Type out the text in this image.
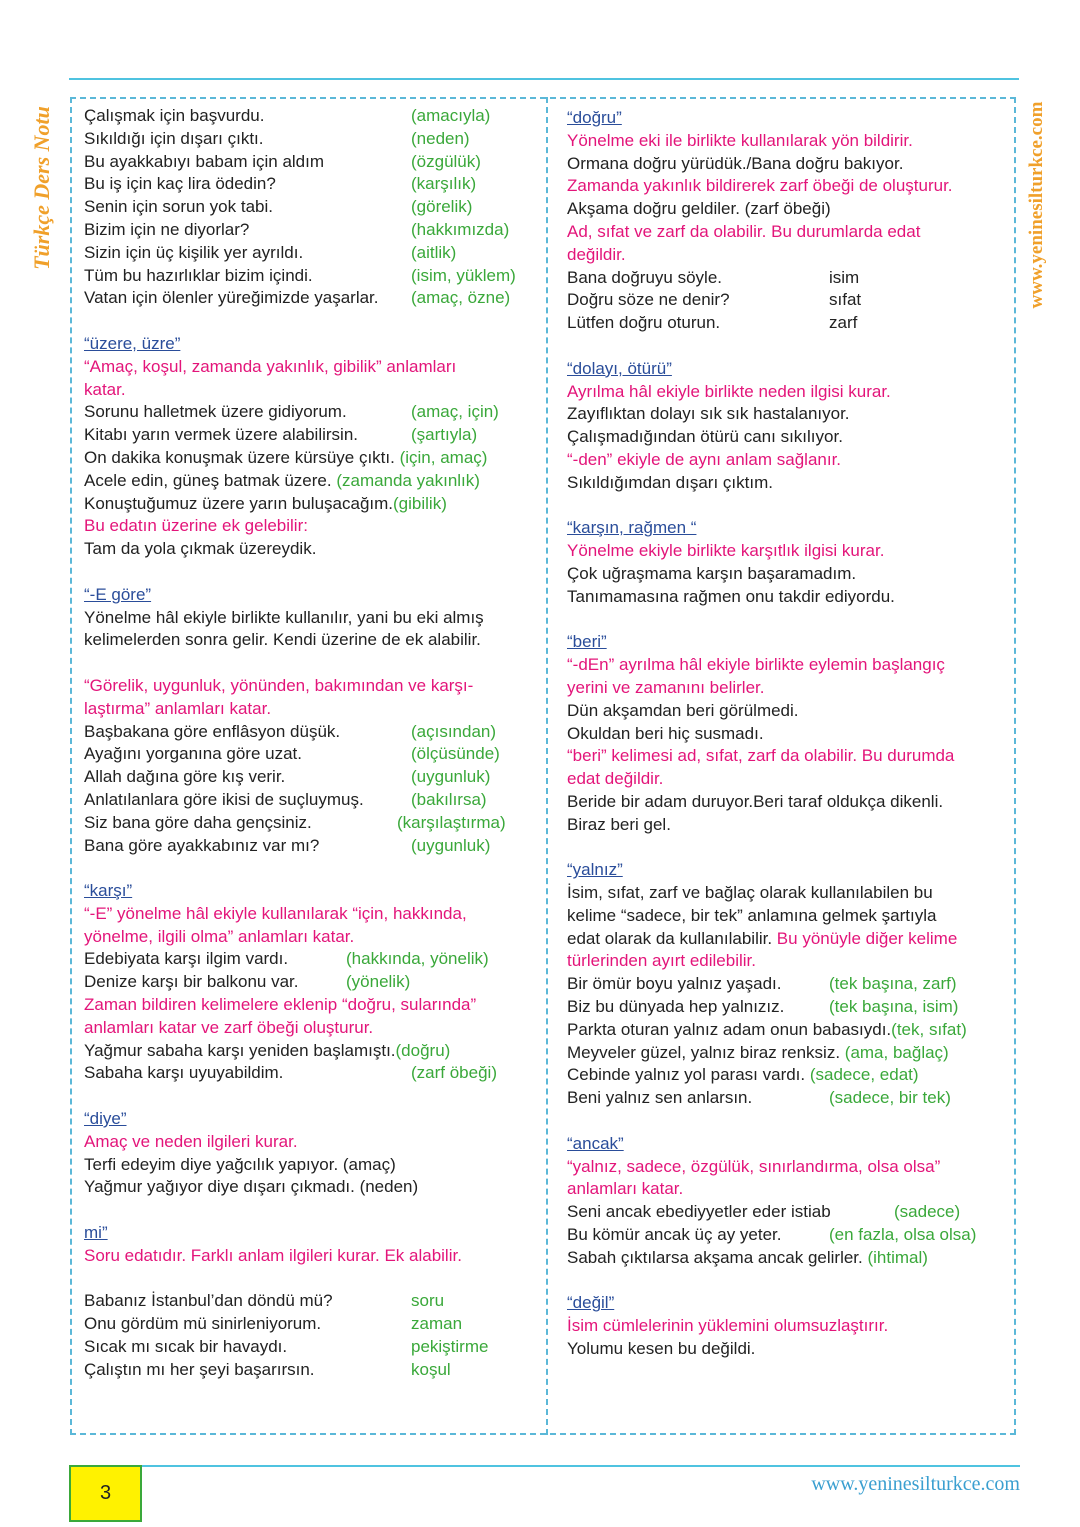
Türkçe Ders Notu	www.yeninesilturkce.com
Çalışmak için başvurdu.	(amacıyla)
Sıkıldığı için dışarı çıktı.	(neden)
Bu ayakkabıyı babam için aldım	(özgülük)
Bu iş için kaç lira ödedin?	(karşılık)
Senin için sorun yok tabi.	(görelik)
Bizim için ne diyorlar?	(hakkımızda)
Sizin için üç kişilik yer ayrıldı.	(aitlik)
Tüm bu hazırlıklar bizim içindi.	(isim, yüklem)
Vatan için ölenler yüreğimizde yaşarlar. (amaç, özne)
“üzere, üzre”
“Amaç, koşul, zamanda yakınlık, gibilik” anlamları
katar.
Sorunu halletmek üzere gidiyorum.	(amaç, için)
Kitabı yarın vermek üzere alabilirsin.	(şartıyla)
On dakika konuşmak üzere kürsüye çıktı. (için, amaç)
Acele edin, güneş batmak üzere. (zamanda yakınlık)
Konuştuğumuz üzere yarın buluşacağım.(gibilik)
Bu edatın üzerine ek gelebilir:
Tam da yola çıkmak üzereydik.
“-E göre”
Yönelme hâl ekiyle birlikte kullanılır, yani bu eki almış
kelimelerden sonra gelir. Kendi üzerine de ek alabilir.
“Görelik, uygunluk, yönünden, bakımından ve karşı-
laştırma” anlamları katar.
Başbakana göre enflâsyon düşük.	(açısından)
Ayağını yorganına göre uzat.	(ölçüsünde)
Allah dağına göre kış verir.	(uygunluk)
Anlatılanlara göre ikisi de suçluymuş.	(bakılırsa)
Siz bana göre daha gençsiniz.	(karşılaştırma)
Bana göre ayakkabınız var mı?	(uygunluk)
“karşı”
“-E” yönelme hâl ekiyle kullanılarak “için, hakkında,
yönelme, ilgili olma” anlamları katar.
Edebiyata karşı ilgim vardı.	(hakkında, yönelik)
Denize karşı bir balkonu var.	(yönelik)
Zaman bildiren kelimelere eklenip “doğru, sularında”
anlamları katar ve zarf öbeği oluşturur.
Yağmur sabaha karşı yeniden başlamıştı.(doğru)
Sabaha karşı uyuyabildim.	(zarf öbeği)
“diye”
Amaç ve neden ilgileri kurar.
Terfi edeyim diye yağcılık yapıyor. (amaç)
Yağmur yağıyor diye dışarı çıkmadı. (neden)
mi”
Soru edatıdır. Farklı anlam ilgileri kurar. Ek alabilir.
Babanız İstanbul’dan döndü mü?	soru
Onu gördüm mü sinirleniyorum.	zaman
Sıcak mı sıcak bir havaydı.	pekiştirme
Çalıştın mı her şeyi başarırsın.	koşul
“doğru”
Yönelme eki ile birlikte kullanılarak yön bildirir.
Ormana doğru yürüdük./Bana doğru bakıyor.
Zamanda yakınlık bildirerek zarf öbeği de oluşturur.
Akşama doğru geldiler. (zarf öbeği)
Ad, sıfat ve zarf da olabilir. Bu durumlarda edat
değildir.
Bana doğruyu söyle.	isim
Doğru söze ne denir?	sıfat
Lütfen doğru oturun.	zarf
“dolayı, ötürü”
Ayrılma hâl ekiyle birlikte neden ilgisi kurar.
Zayıflıktan dolayı sık sık hastalanıyor.
Çalışmadığından ötürü canı sıkılıyor.
“-den” ekiyle de aynı anlam sağlanır.
Sıkıldığımdan dışarı çıktım.
“karşın, rağmen “
Yönelme ekiyle birlikte karşıtlık ilgisi kurar.
Çok uğraşmama karşın başaramadım.
Tanımamasına rağmen onu takdir ediyordu.
“beri”
“-dEn” ayrılma hâl ekiyle birlikte eylemin başlangıç
yerini ve zamanını belirler.
Dün akşamdan beri görülmedi.
Okuldan beri hiç susmadı.
“beri” kelimesi ad, sıfat, zarf da olabilir. Bu durumda
edat değildir.
Beride bir adam duruyor.Beri taraf oldukça dikenli.
Biraz beri gel.
“yalnız”
İsim, sıfat, zarf ve bağlaç olarak kullanılabilen bu
kelime “sadece, bir tek” anlamına gelmek şartıyla
edat olarak da kullanılabilir. Bu yönüyle diğer kelime
türlerinden ayırt edilebilir.
Bir ömür boyu yalnız yaşadı.	(tek başına, zarf)
Biz bu dünyada hep yalnızız.	(tek başına, isim)
Parkta oturan yalnız adam onun babasıydı.(tek, sıfat)
Meyveler güzel, yalnız biraz renksiz. (ama, bağlaç)
Cebinde yalnız yol parası vardı. (sadece, edat)
Beni yalnız sen anlarsın.	(sadece, bir tek)
“ancak”
“yalnız, sadece, özgülük, sınırlandırma, olsa olsa”
anlamları katar.
Seni ancak ebediyyetler eder istiab	(sadece)
Bu kömür ancak üç ay yeter.	(en fazla, olsa olsa)
Sabah çıktılarsa akşama ancak gelirler. (ihtimal)
“değil”
İsim cümlelerinin yüklemini olumsuzlaştırır.
Yolumu kesen bu değildi.
3	www.yeninesilturkce.com
